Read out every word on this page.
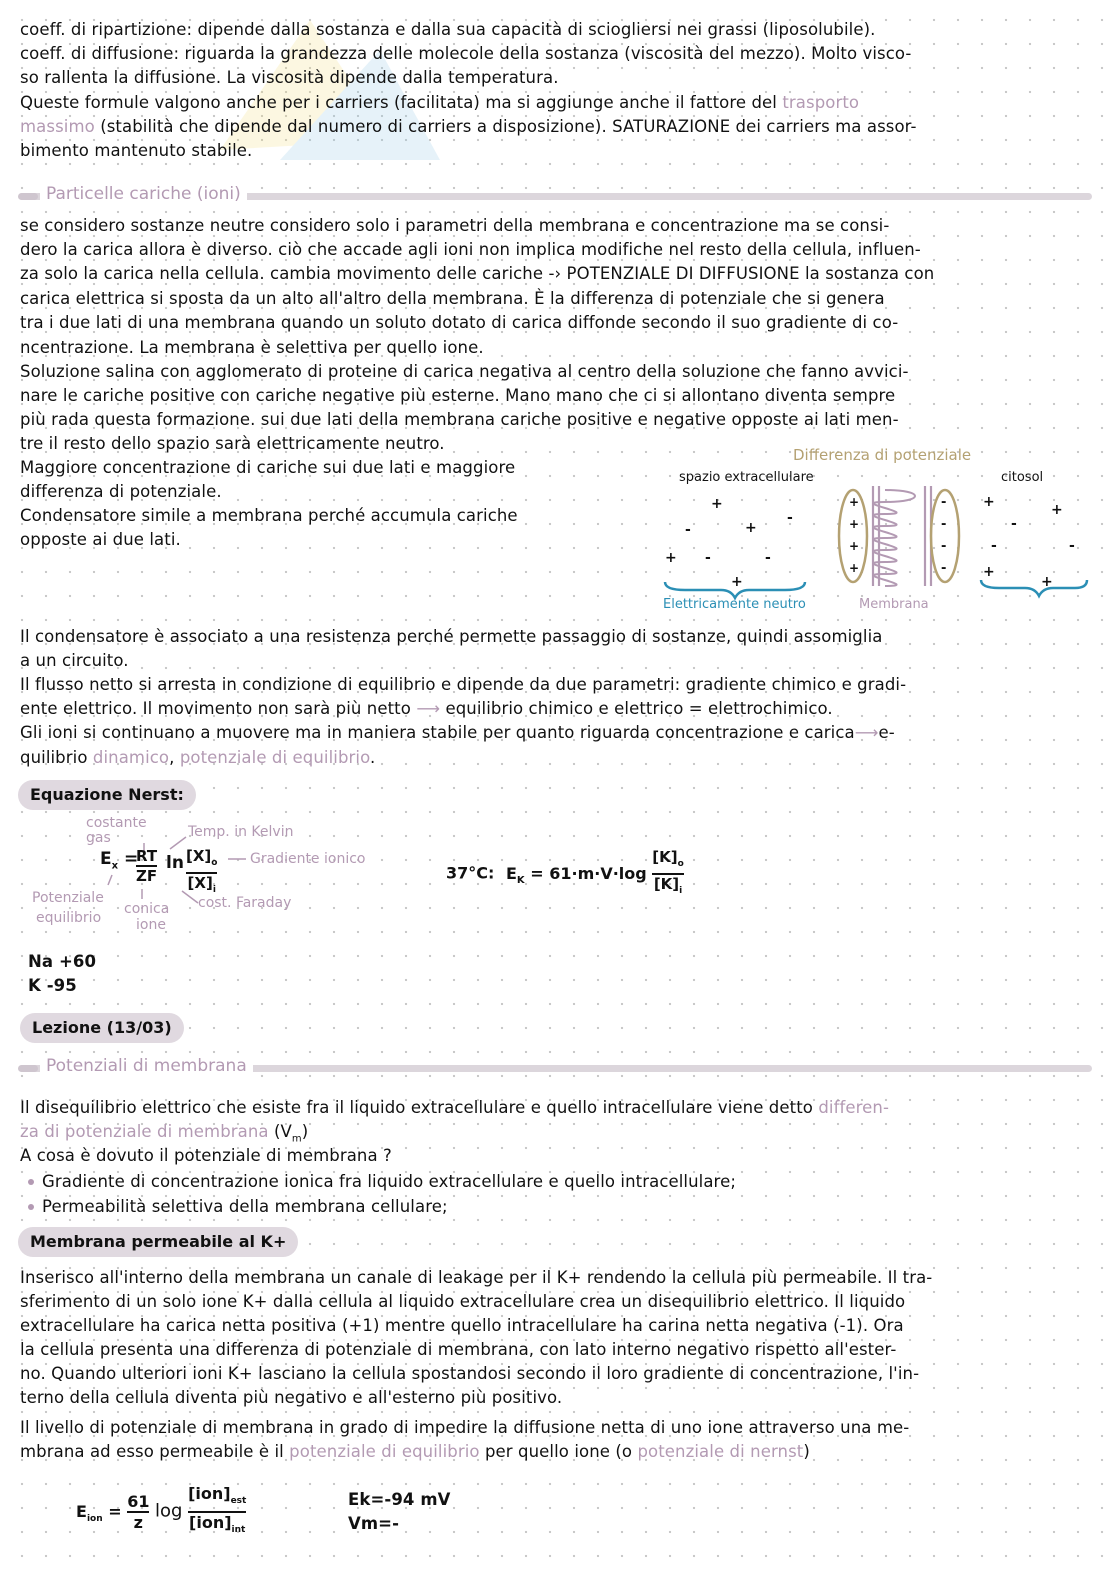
coeff. di ripartizione: dipende dalla sostanza e dalla sua capacità di sciogliersi nei grassi (liposolubile).
coeff. di diffusione: riguarda la grandezza delle molecole della sostanza (viscosità del mezzo). Molto visco-
so rallenta la diffusione. La viscosità dipende dalla temperatura.
Queste formule valgono anche per i carriers (facilitata) ma si aggiunge anche il fattore del trasporto
massimo (stabilità che dipende dal numero di carriers a disposizione). SATURAZIONE dei carriers ma assor-
bimento mantenuto stabile.
Particelle cariche (ioni)
se considero sostanze neutre considero solo i parametri della membrana e concentrazione ma se consi-
dero la carica allora è diverso. ciò che accade agli ioni non implica modifiche nel resto della cellula, influen-
za solo la carica nella cellula. cambia movimento delle cariche -› POTENZIALE DI DIFFUSIONE la sostanza con
carica elettrica si sposta da un alto all'altro della membrana. È la differenza di potenziale che si genera
tra i due lati di una membrana quando un soluto dotato di carica diffonde secondo il suo gradiente di co-
ncentrazione. La membrana è selettiva per quello ione.
Soluzione salina con agglomerato di proteine di carica negativa al centro della soluzione che fanno avvici-
nare le cariche positive con cariche negative più esterne. Mano mano che ci si allontano diventa sempre
più rada questa formazione. sui due lati della membrana cariche positive e negative opposte ai lati men-
tre il resto dello spazio sarà elettricamente neutro.
Maggiore concentrazione di cariche sui due lati e maggiore
differenza di potenziale.
Condensatore simile a membrana perché accumula cariche
opposte ai due lati.
Differenza di potenziale
spazio extracellulare	citosol
+
-
-	+
+ -	-
+
Elettricamente neutro
+
+
+
+
-
-
-
-
Membrana
+	+
-
-	-
+
+
Il condensatore è associato a una resistenza perché permette passaggio di sostanze, quindi assomiglia
a un circuito.
Il flusso netto si arresta in condizione di equilibrio e dipende da due parametri: gradiente chimico e gradi-
ente elettrico. Il movimento non sarà più netto ⟶ equilibrio chimico e elettrico = elettrochimico.
Gli ioni si continuano a muovere ma in maniera stabile per quanto riguarda concentrazione e carica⟶e-
quilibrio dinamico, potenziale di equilibrio.
Equazione Nerst:
costante
gas	Temp. in Kelvin
$E_x$ =
RT
ZF
$\ln [X]_o$
$[X]_i$
Gradiente ionico
Potenziale
equilibrio
conica
ione
cost. Faraday
37°C: $E_K = 61\cdot m\cdot V\cdot\log \frac{[K]_o}{[K]_i}$
Na +60
K -95
Lezione (13/03)
Potenziali di membrana
Il disequilibrio elettrico che esiste fra il liquido extracellulare e quello intracellulare viene detto differen-
za di potenziale di membrana $(V_m)$
A cosa è dovuto il potenziale di membrana ?
Gradiente di concentrazione ionica fra liquido extracellulare e quello intracellulare;
Permeabilità selettiva della membrana cellulare;
Membrana permeabile al K+
Inserisco all'interno della membrana un canale di leakage per il K+ rendendo la cellula più permeabile. Il tra-
sferimento di un solo ione K+ dalla cellula al liquido extracellulare crea un disequilibrio elettrico. Il liquido
extracellulare ha carica netta positiva (+1) mentre quello intracellulare ha carina netta negativa (-1). Ora
la cellula presenta una differenza di potenziale di membrana, con lato interno negativo rispetto all'ester-
no. Quando ulteriori ioni K+ lasciano la cellula spostandosi secondo il loro gradiente di concentrazione, l'in-
terno della cellula diventa più negativo e all'esterno più positivo.
Il livello di potenziale di membrana in grado di impedire la diffusione netta di uno ione attraverso una me-
mbrana ad esso permeabile è il potenziale di equilibrio per quello ione (o potenziale di nernst)
$E_{ion} = \frac{61}{z}$ log
$[ion]_{est}$
$[ion]_{int}$
Ek=-94 mV
Vm=-
